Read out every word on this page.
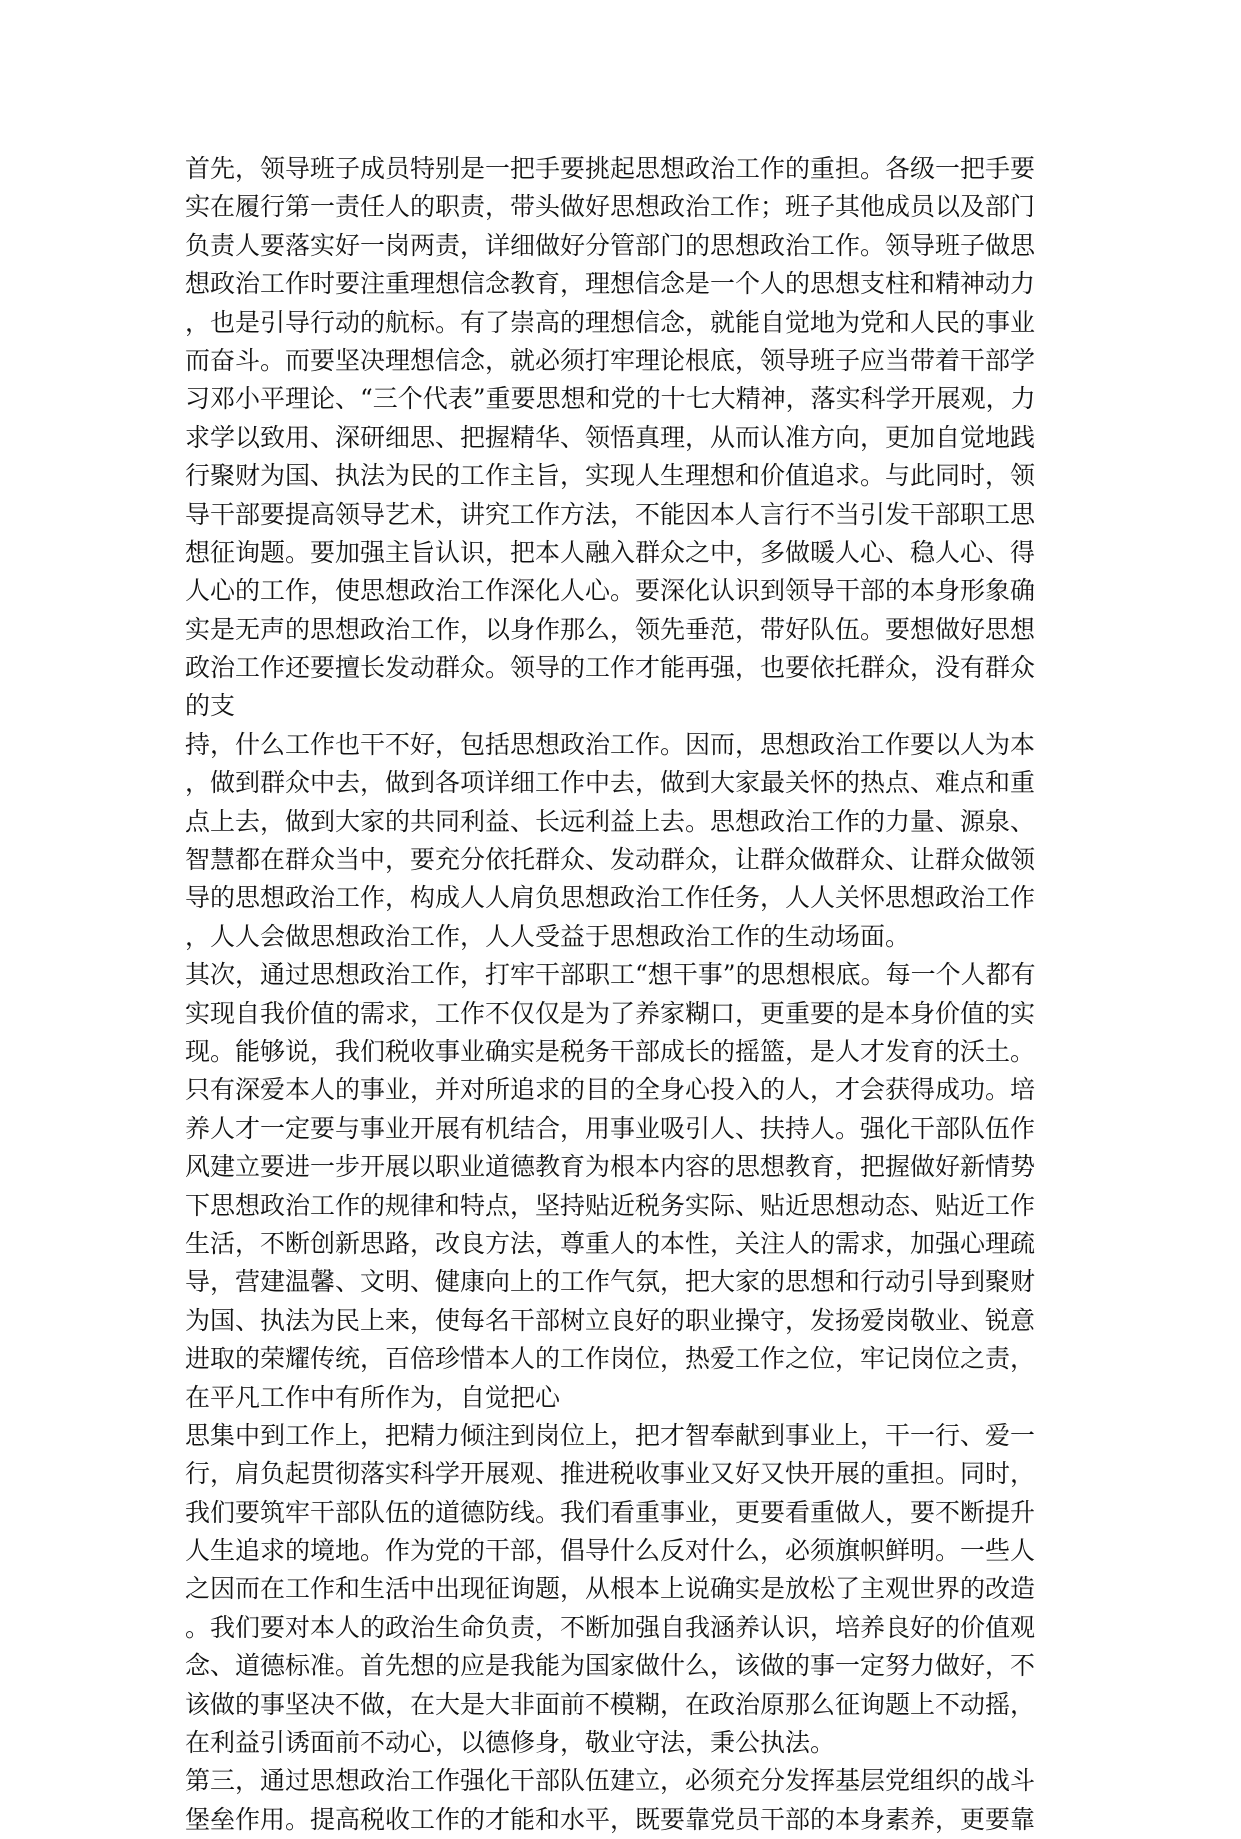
首先，领导班子成员特别是一把手要挑起思想政治工作的重担。各级一把手要
实在履行第一责任人的职责，带头做好思想政治工作；班子其他成员以及部门
负责人要落实好一岗两责，详细做好分管部门的思想政治工作。领导班子做思
想政治工作时要注重理想信念教育，理想信念是一个人的思想支柱和精神动力
，也是引导行动的航标。有了崇高的理想信念，就能自觉地为党和人民的事业
而奋斗。而要坚决理想信念，就必须打牢理论根底，领导班子应当带着干部学
习邓小平理论、“三个代表”重要思想和党的十七大精神，落实科学开展观，力
求学以致用、深研细思、把握精华、领悟真理，从而认准方向，更加自觉地践
行聚财为国、执法为民的工作主旨，实现人生理想和价值追求。与此同时，领
导干部要提高领导艺术，讲究工作方法，不能因本人言行不当引发干部职工思
想征询题。要加强主旨认识，把本人融入群众之中，多做暖人心、稳人心、得
人心的工作，使思想政治工作深化人心。要深化认识到领导干部的本身形象确
实是无声的思想政治工作，以身作那么，领先垂范，带好队伍。要想做好思想
政治工作还要擅长发动群众。领导的工作才能再强，也要依托群众，没有群众
的支
持，什么工作也干不好，包括思想政治工作。因而，思想政治工作要以人为本
，做到群众中去，做到各项详细工作中去，做到大家最关怀的热点、难点和重
点上去，做到大家的共同利益、长远利益上去。思想政治工作的力量、源泉、
智慧都在群众当中，要充分依托群众、发动群众，让群众做群众、让群众做领
导的思想政治工作，构成人人肩负思想政治工作任务，人人关怀思想政治工作
，人人会做思想政治工作，人人受益于思想政治工作的生动场面。
其次，通过思想政治工作，打牢干部职工“想干事”的思想根底。每一个人都有
实现自我价值的需求，工作不仅仅是为了养家糊口，更重要的是本身价值的实
现。能够说，我们税收事业确实是税务干部成长的摇篮，是人才发育的沃土。
只有深爱本人的事业，并对所追求的目的全身心投入的人，才会获得成功。培
养人才一定要与事业开展有机结合，用事业吸引人、扶持人。强化干部队伍作
风建立要进一步开展以职业道德教育为根本内容的思想教育，把握做好新情势
下思想政治工作的规律和特点，坚持贴近税务实际、贴近思想动态、贴近工作
生活，不断创新思路，改良方法，尊重人的本性，关注人的需求，加强心理疏
导，营建温馨、文明、健康向上的工作气氛，把大家的思想和行动引导到聚财
为国、执法为民上来，使每名干部树立良好的职业操守，发扬爱岗敬业、锐意
进取的荣耀传统，百倍珍惜本人的工作岗位，热爱工作之位，牢记岗位之责，
在平凡工作中有所作为，自觉把心
思集中到工作上，把精力倾注到岗位上，把才智奉献到事业上，干一行、爱一
行，肩负起贯彻落实科学开展观、推进税收事业又好又快开展的重担。同时，
我们要筑牢干部队伍的道德防线。我们看重事业，更要看重做人，要不断提升
人生追求的境地。作为党的干部，倡导什么反对什么，必须旗帜鲜明。一些人
之因而在工作和生活中出现征询题，从根本上说确实是放松了主观世界的改造
。我们要对本人的政治生命负责，不断加强自我涵养认识，培养良好的价值观
念、道德标准。首先想的应是我能为国家做什么，该做的事一定努力做好，不
该做的事坚决不做，在大是大非面前不模糊，在政治原那么征询题上不动摇，
在利益引诱面前不动心，以德修身，敬业守法，秉公执法。
第三，通过思想政治工作强化干部队伍建立，必须充分发挥基层党组织的战斗
堡垒作用。提高税收工作的才能和水平，既要靠党员干部的本身素养，更要靠
